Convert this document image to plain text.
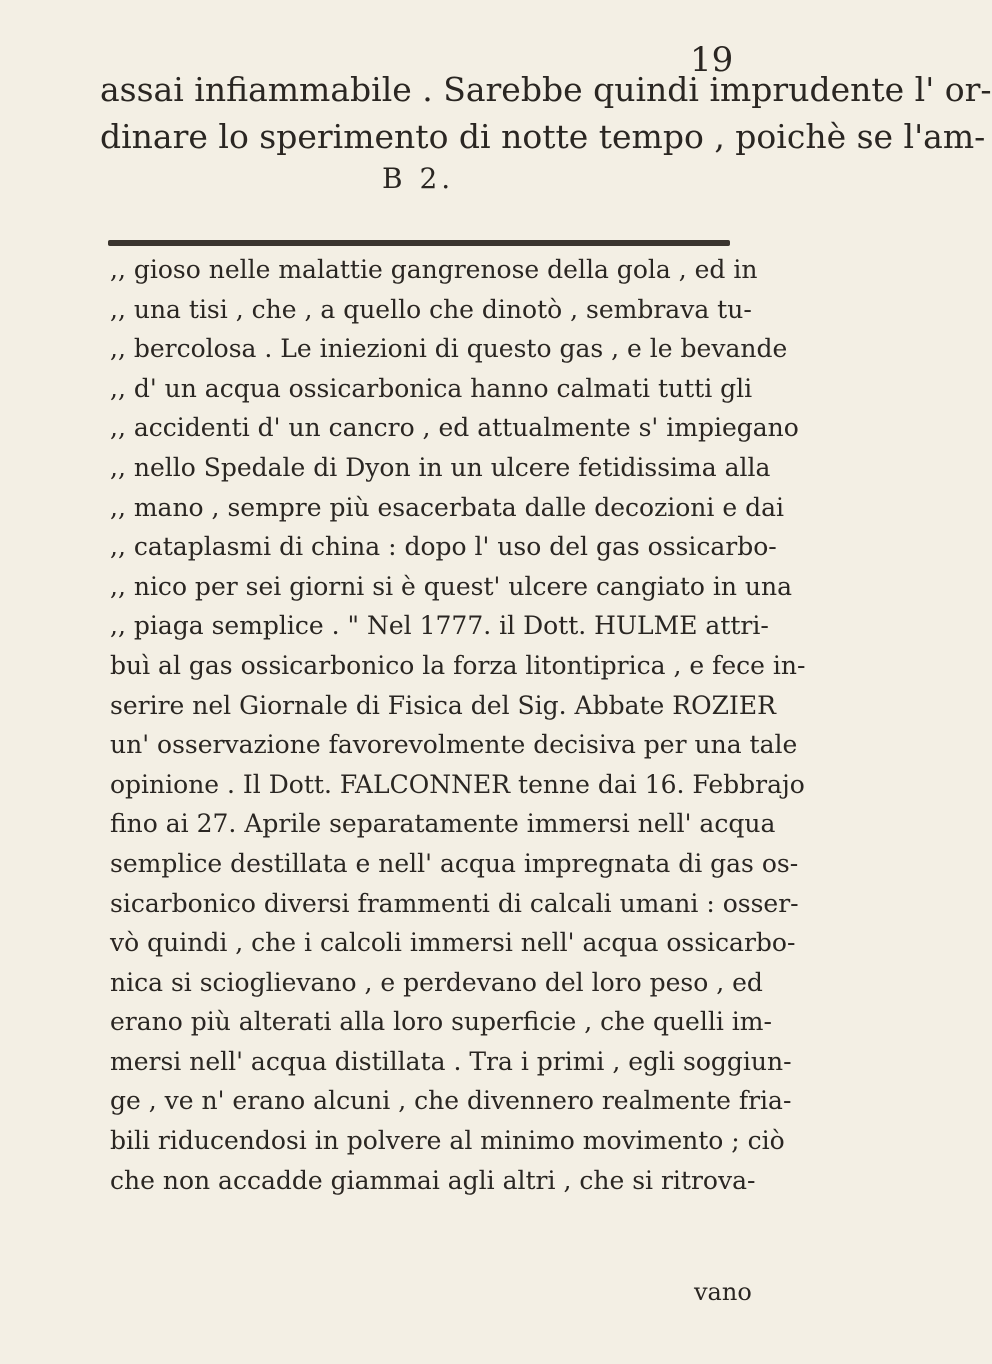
19
assai infiammabile . Sarebbe quindi imprudente l' or-
dinare lo sperimento di notte tempo , poichè se l'am-
B 2.
,, gioso nelle malattie gangrenose della gola , ed in
,, una tisi , che , a quello che dinotò , sembrava tu-
,, bercolosa . Le iniezioni di questo gas , e le bevande
,, d' un acqua ossicarbonica hanno calmati tutti gli
,, accidenti d' un cancro , ed attualmente s' impiegano
,, nello Spedale di Dyon in un ulcere fetidissima alla
,, mano , sempre più esacerbata dalle decozioni e dai
,, cataplasmi di china : dopo l' uso del gas ossicarbo-
,, nico per sei giorni si è quest' ulcere cangiato in una
,, piaga semplice . " Nel 1777. il Dott. HULME attri-
buì al gas ossicarbonico la forza litontiprica , e fece in-
serire nel Giornale di Fisica del Sig. Abbate ROZIER
un' osservazione favorevolmente decisiva per una tale
opinione . Il Dott. FALCONNER tenne dai 16. Febbrajo
fino ai 27. Aprile separatamente immersi nell' acqua
semplice destillata e nell' acqua impregnata di gas os-
sicarbonico diversi frammenti di calcali umani : osser-
vò quindi , che i calcoli immersi nell' acqua ossicarbo-
nica si scioglievano , e perdevano del loro peso , ed
erano più alterati alla loro superficie , che quelli im-
mersi nell' acqua distillata . Tra i primi , egli soggiun-
ge , ve n' erano alcuni , che divennero realmente fria-
bili riducendosi in polvere al minimo movimento ; ciò
che non accadde giammai agli altri , che si ritrova-
vano
